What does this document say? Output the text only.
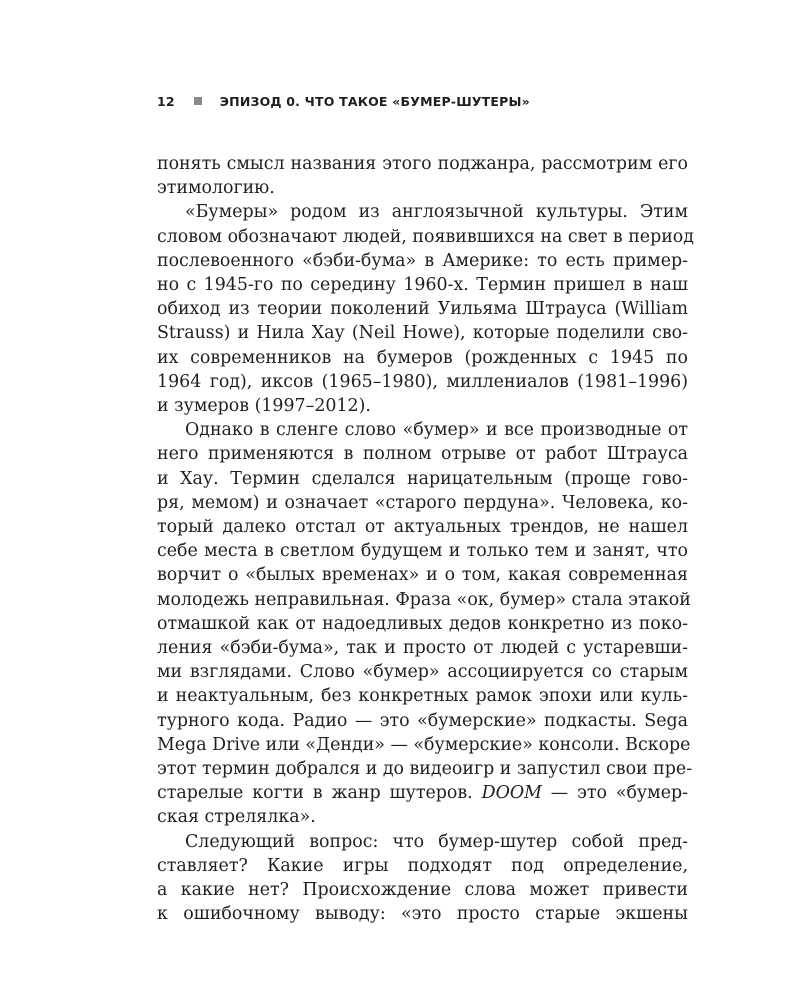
12	ЭПИЗОД 0. ЧТО ТАКОЕ «БУМЕР-ШУТЕРЫ»
понять смысл названия этого поджанра, рассмотрим его
этимологию.
«Бумеры» родом из англоязычной культуры. Этим
словом обозначают людей, появившихся на свет в период
послевоенного «бэби-бума» в Америке: то есть пример-
но с 1945-го по середину 1960-х. Термин пришел в наш
обиход из теории поколений Уильяма Штрауса (William
Strauss) и Нила Хау (Neil Howe), которые поделили сво-
их современников на бумеров (рожденных с 1945 по
1964 год), иксов (1965–1980), миллениалов (1981–1996)
и зумеров (1997–2012).
Однако в сленге слово «бумер» и все производные от
него применяются в полном отрыве от работ Штрауса
и Хау. Термин сделался нарицательным (проще гово-
ря, мемом) и означает «старого пердуна». Человека, ко-
торый далеко отстал от актуальных трендов, не нашел
себе места в светлом будущем и только тем и занят, что
ворчит о «былых временах» и о том, какая современная
молодежь неправильная. Фраза «ок, бумер» стала этакой
отмашкой как от надоедливых дедов конкретно из поко-
ления «бэби-бума», так и просто от людей с устаревши-
ми взглядами. Слово «бумер» ассоциируется со старым
и неактуальным, без конкретных рамок эпохи или куль-
турного кода. Радио — это «бумерские» подкасты. Sega
Mega Drive или «Денди» — «бумерские» консоли. Вскоре
этот термин добрался и до видеоигр и запустил свои пре-
старелые когти в жанр шутеров. DOOM — это «бумер-
ская стрелялка».
Следующий вопрос: что бумер-шутер собой пред-
ставляет? Какие игры подходят под определение,
а какие нет? Происхождение слова может привести
к ошибочному выводу: «это просто старые экшены
